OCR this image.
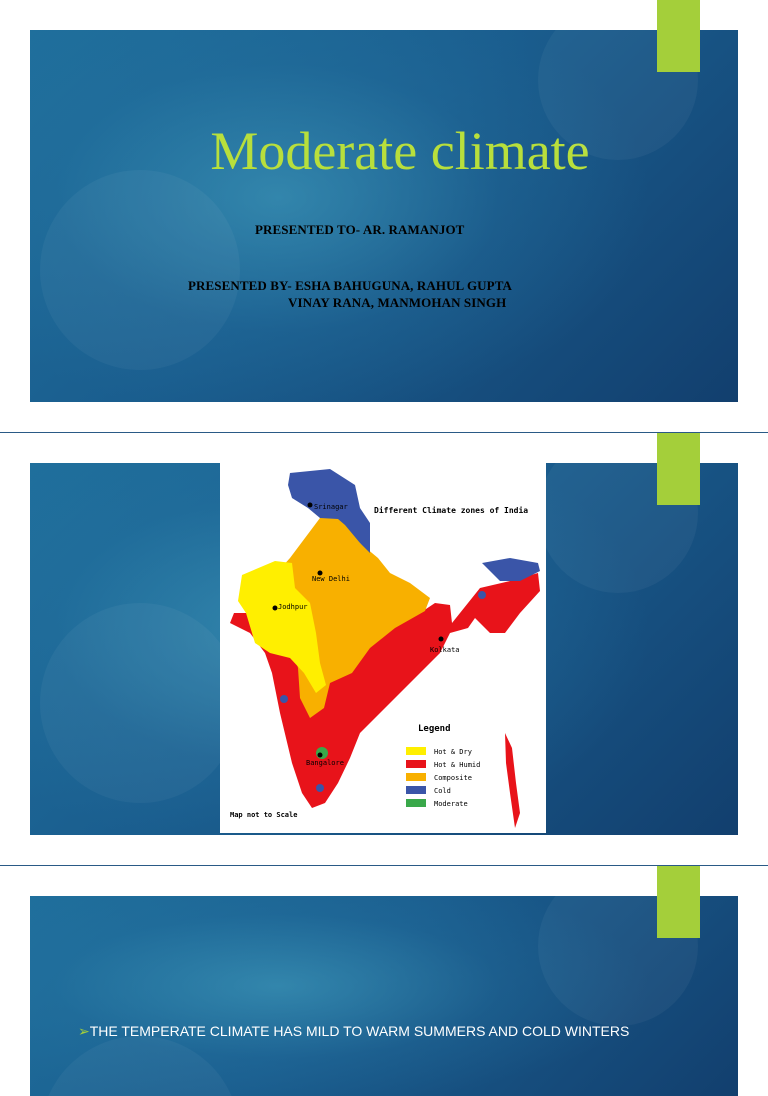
Moderate climate
PRESENTED TO- AR. RAMANJOT
PRESENTED BY- ESHA BAHUGUNA, RAHUL GUPTA
VINAY RANA, MANMOHAN SINGH
Srinagar
New Delhi
Jodhpur
Kolkata
Bangalore
Different Climate zones of India
Legend
Hot & Dry
Hot & Humid
Composite
Cold
Moderate
Map not to Scale
➢THE TEMPERATE CLIMATE HAS MILD TO WARM SUMMERS AND COLD WINTERS
